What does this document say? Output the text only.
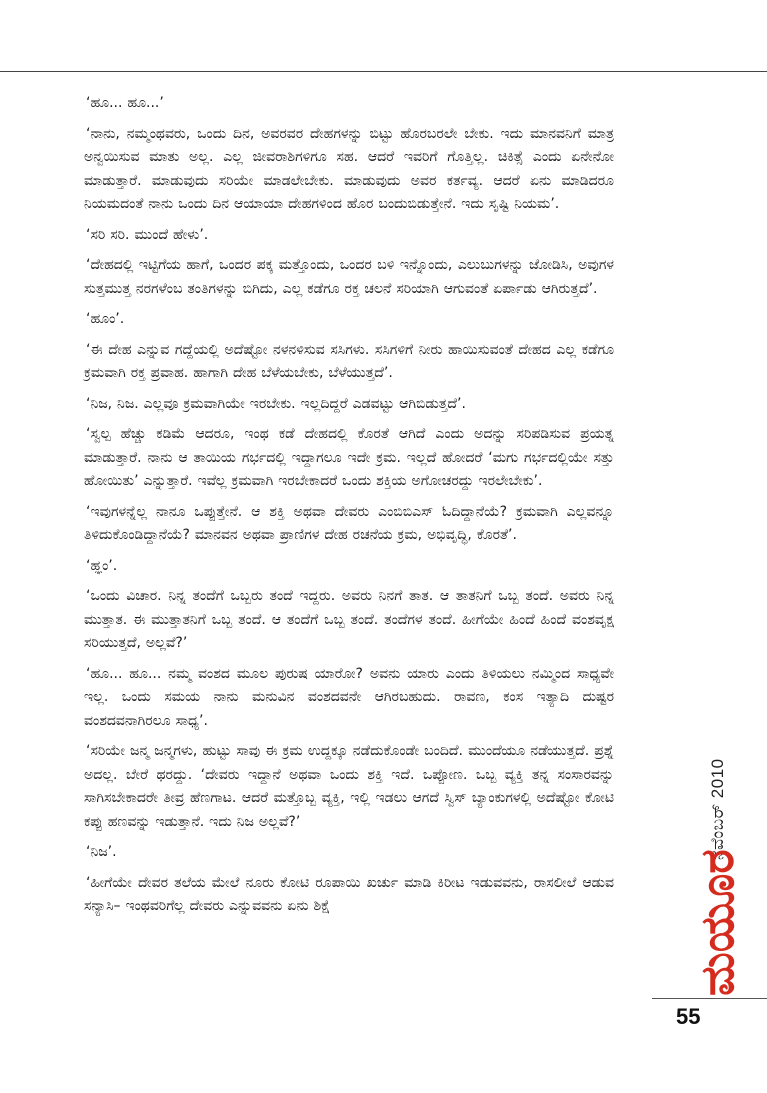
‘ಹೂ... ಹೂ...’

‘ನಾನು, ನಮ್ಮಂಥವರು, ಒಂದು ದಿನ, ಅವರವರ ದೇಹಗಳನ್ನು ಬಿಟ್ಟು ಹೊರಬರಲೇ ಬೇಕು. ಇದು ಮಾನವನಿಗೆ ಮಾತ್ರ ಅನ್ವಯಿಸುವ ಮಾತು ಅಲ್ಲ. ಎಲ್ಲ ಜೀವರಾಶಿಗಳಿಗೂ ಸಹ. ಆದರೆ ಇವರಿಗೆ ಗೊತ್ತಿಲ್ಲ. ಚಿಕಿತ್ಸೆ ಎಂದು ಏನೇನೋ ಮಾಡುತ್ತಾರೆ. ಮಾಡುವುದು ಸರಿಯೇ ಮಾಡಲೇಬೇಕು. ಮಾಡುವುದು ಅವರ ಕರ್ತವ್ಯ. ಆದರೆ ಏನು ಮಾಡಿದರೂ ನಿಯಮದಂತೆ ನಾನು ಒಂದು ದಿನ ಆಯಾಯಾ ದೇಹಗಳಿಂದ ಹೊರ ಬಂದುಬಿಡುತ್ತೇನೆ. ಇದು ಸೃಷ್ಟಿ ನಿಯಮ’.

‘ಸರಿ ಸರಿ. ಮುಂದೆ ಹೇಳು’.

‘ದೇಹದಲ್ಲಿ ಇಟ್ಟಿಗೆಯ ಹಾಗೆ, ಒಂದರ ಪಕ್ಕ ಮತ್ತೊಂದು, ಒಂದರ ಬಳಿ ಇನ್ನೊಂದು, ಎಲುಬುಗಳನ್ನು ಜೋಡಿಸಿ, ಅವುಗಳ ಸುತ್ತಮುತ್ತ ನರಗಳೆಂಬ ತಂತಿಗಳನ್ನು ಬಿಗಿದು, ಎಲ್ಲ ಕಡೆಗೂ ರಕ್ತ ಚಲನೆ ಸರಿಯಾಗಿ ಆಗುವಂತೆ ಏರ್ಪಾಡು ಆಗಿರುತ್ತದೆ’.

‘ಹೂಂ’.

‘ಈ ದೇಹ ಎನ್ನುವ ಗದ್ದೆಯಲ್ಲಿ ಅದೆಷ್ಟೋ ನಳನಳಿಸುವ ಸಸಿಗಳು. ಸಸಿಗಳಿಗೆ ನೀರು ಹಾಯಿಸುವಂತೆ ದೇಹದ ಎಲ್ಲ ಕಡೆಗೂ ಕ್ರಮವಾಗಿ ರಕ್ತ ಪ್ರವಾಹ. ಹಾಗಾಗಿ ದೇಹ ಬೆಳೆಯಬೇಕು, ಬೆಳೆಯುತ್ತದೆ’.

‘ನಿಜ, ನಿಜ. ಎಲ್ಲವೂ ಕ್ರಮವಾಗಿಯೇ ಇರಬೇಕು. ಇಲ್ಲದಿದ್ದರೆ ಎಡವಟ್ಟು ಆಗಿಬಿಡುತ್ತದೆ’.

‘ಸ್ವಲ್ಪ ಹೆಚ್ಚು ಕಡಿಮೆ ಆದರೂ, ಇಂಥ ಕಡೆ ದೇಹದಲ್ಲಿ ಕೊರತೆ ಆಗಿದೆ ಎಂದು ಅದನ್ನು ಸರಿಪಡಿಸುವ ಪ್ರಯತ್ನ ಮಾಡುತ್ತಾರೆ. ನಾನು ಆ ತಾಯಿಯ ಗರ್ಭದಲ್ಲಿ ಇದ್ದಾಗಲೂ ಇದೇ ಕ್ರಮ. ಇಲ್ಲದೆ ಹೋದರೆ ‘ಮಗು ಗರ್ಭದಲ್ಲಿಯೇ ಸತ್ತು ಹೋಯಿತು’ ಎನ್ನುತ್ತಾರೆ. ಇವೆಲ್ಲ ಕ್ರಮವಾಗಿ ಇರಬೇಕಾದರೆ ಒಂದು ಶಕ್ತಿಯ ಅಗೋಚರದ್ದು ಇರಲೇಬೇಕು’.

‘ಇವುಗಳನ್ನೆಲ್ಲ ನಾನೂ ಒಪ್ಪುತ್ತೇನೆ. ಆ ಶಕ್ತಿ ಅಥವಾ ದೇವರು ಎಂಬಿಬಿಎಸ್ ಓದಿದ್ದಾನೆಯೆ? ಕ್ರಮವಾಗಿ ಎಲ್ಲವನ್ನೂ ತಿಳಿದುಕೊಂಡಿದ್ದಾನೆಯೆ? ಮಾನವನ ಅಥವಾ ಪ್ರಾಣಿಗಳ ದೇಹ ರಚನೆಯ ಕ್ರಮ, ಅಭಿವೃದ್ಧಿ, ಕೊರತೆ’.

‘ಹ್ಞಂ’.

‘ಒಂದು ವಿಚಾರ. ನಿನ್ನ ತಂದೆಗೆ ಒಬ್ಬರು ತಂದೆ ಇದ್ದರು. ಅವರು ನಿನಗೆ ತಾತ. ಆ ತಾತನಿಗೆ ಒಬ್ಬ ತಂದೆ. ಅವರು ನಿನ್ನ ಮುತ್ತಾತ. ಈ ಮುತ್ತಾತನಿಗೆ ಒಬ್ಬ ತಂದೆ. ಆ ತಂದೆಗೆ ಒಬ್ಬ ತಂದೆ. ತಂದೆಗಳ ತಂದೆ. ಹೀಗೆಯೇ ಹಿಂದೆ ಹಿಂದೆ ವಂಶವೃಕ್ಷ ಸರಿಯುತ್ತದೆ, ಅಲ್ಲವೆ?’

‘ಹೂ... ಹೂ... ನಮ್ಮ ವಂಶದ ಮೂಲ ಪುರುಷ ಯಾರೋ? ಅವನು ಯಾರು ಎಂದು ತಿಳಿಯಲು ನಮ್ಮಿಂದ ಸಾಧ್ಯವೇ ಇಲ್ಲ. ಒಂದು ಸಮಯ ನಾನು ಮನುವಿನ ವಂಶದವನೇ ಆಗಿರಬಹುದು. ರಾವಣ, ಕಂಸ ಇತ್ಯಾದಿ ದುಷ್ಟರ ವಂಶದವನಾಗಿರಲೂ ಸಾಧ್ಯ’.

‘ಸರಿಯೇ ಜನ್ಮ ಜನ್ಮಗಳು, ಹುಟ್ಟು ಸಾವು ಈ ಕ್ರಮ ಉದ್ದಕ್ಕೂ ನಡೆದುಕೊಂಡೇ ಬಂದಿದೆ. ಮುಂದೆಯೂ ನಡೆಯುತ್ತದೆ. ಪ್ರಶ್ನೆ ಅದಲ್ಲ. ಬೇರೆ ಥರದ್ದು. ‘ದೇವರು ಇದ್ದಾನೆ ಅಥವಾ ಒಂದು ಶಕ್ತಿ ಇದೆ. ಒಪ್ಪೋಣ. ಒಬ್ಬ ವ್ಯಕ್ತಿ ತನ್ನ ಸಂಸಾರವನ್ನು ಸಾಗಿಸಬೇಕಾದರೇ ತೀವ್ರ ಹೆಣಗಾಟ. ಆದರೆ ಮತ್ತೊಬ್ಬ ವ್ಯಕ್ತಿ, ಇಲ್ಲಿ ಇಡಲು ಆಗದೆ ಸ್ವಿಸ್ ಬ್ಯಾಂಕುಗಳಲ್ಲಿ ಅದೆಷ್ಟೋ ಕೋಟಿ ಕಪ್ಪು ಹಣವನ್ನು ಇಡುತ್ತಾನೆ. ಇದು ನಿಜ ಅಲ್ಲವೆ?’

‘ನಿಜ’.

‘ಹೀಗೆಯೇ ದೇವರ ತಲೆಯ ಮೇಲೆ ನೂರು ಕೋಟಿ ರೂಪಾಯಿ ಖರ್ಚು ಮಾಡಿ ಕಿರೀಟ ಇಡುವವನು, ರಾಸಲೀಲೆ ಆಡುವ ಸನ್ಯಾಸಿ– ಇಂಥವರಿಗೆಲ್ಲ ದೇವರು ಎನ್ನುವವನು ಏನು ಶಿಕ್ಷೆ

ನವೆಂಬರ್ 2010
ಮಯೂರ
55
